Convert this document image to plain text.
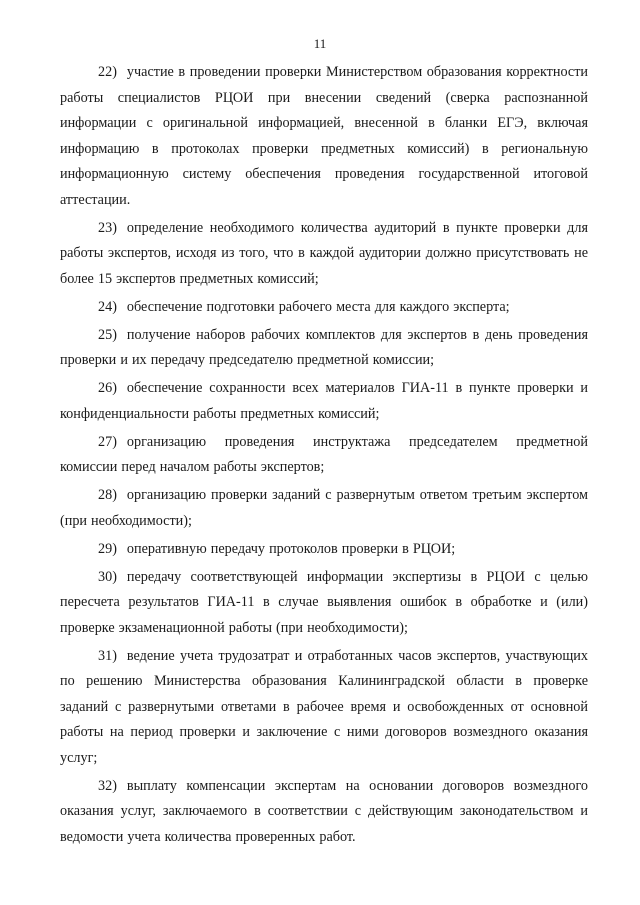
11

22) участие в проведении проверки Министерством образования корректности работы специалистов РЦОИ при внесении сведений (сверка распознанной информации с оригинальной информацией, внесенной в бланки ЕГЭ, включая информацию в протоколах проверки предметных комиссий) в региональную информационную систему обеспечения проведения государственной итоговой аттестации.

23) определение необходимого количества аудиторий в пункте проверки для работы экспертов, исходя из того, что в каждой аудитории должно присутствовать не более 15 экспертов предметных комиссий;

24) обеспечение подготовки рабочего места для каждого эксперта;

25) получение наборов рабочих комплектов для экспертов в день проведения проверки и их передачу председателю предметной комиссии;

26) обеспечение сохранности всех материалов ГИА-11 в пункте проверки и конфиденциальности работы предметных комиссий;

27) организацию проведения инструктажа председателем предметной комиссии перед началом работы экспертов;

28) организацию проверки заданий с развернутым ответом третьим экспертом (при необходимости);

29) оперативную передачу протоколов проверки в РЦОИ;

30) передачу соответствующей информации экспертизы в РЦОИ с целью пересчета результатов ГИА-11 в случае выявления ошибок в обработке и (или) проверке экзаменационной работы (при необходимости);

31) ведение учета трудозатрат и отработанных часов экспертов, участвующих по решению Министерства образования Калининградской области в проверке заданий с развернутыми ответами в рабочее время и освобожденных от основной работы на период проверки и заключение с ними договоров возмездного оказания услуг;

32) выплату компенсации экспертам на основании договоров возмездного оказания услуг, заключаемого в соответствии с действующим законодательством и ведомости учета количества проверенных работ.
